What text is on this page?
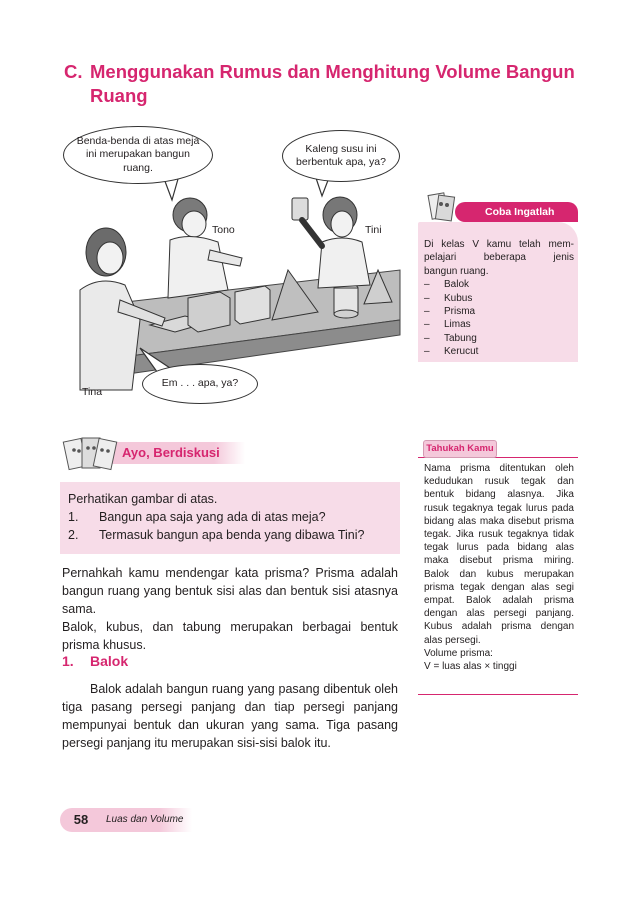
C. Menggunakan Rumus dan Menghitung Volume Bangun Ruang
Benda-benda di atas meja ini merupakan bangun ruang.
Kaleng susu ini berbentuk apa, ya?
Em . . . apa, ya?
Tono	Tini
Tina
Coba Ingatlah
Di kelas V kamu telah mem-
pelajari beberapa jenis
bangun ruang.
– Balok
– Kubus
– Prisma
– Limas
– Tabung
– Kerucut
Ayo, Berdiskusi
Perhatikan gambar di atas.
1. Bangun apa saja yang ada di atas meja?
2. Termasuk bangun apa benda yang dibawa Tini?

Pernahkah kamu mendengar kata prisma? Prisma adalah bangun ruang yang bentuk sisi alas dan bentuk sisi atasnya sama.

Balok, kubus, dan tabung merupakan berbagai bentuk prisma khusus.

1. Balok

Balok adalah bangun ruang yang pasang dibentuk oleh tiga pasang persegi panjang dan tiap persegi panjang mempunyai bentuk dan ukuran yang sama. Tiga pasang persegi panjang itu merupakan sisi-sisi balok itu.

Tahukah Kamu
Nama prisma ditentukan oleh kedudukan rusuk tegak dan bentuk bidang alasnya. Jika rusuk tegaknya tegak lurus pada bidang alas maka disebut prisma tegak. Jika rusuk tegaknya tidak tegak lurus pada bidang alas maka disebut prisma miring. Balok dan kubus merupakan prisma tegak dengan alas segi empat. Balok adalah prisma dengan alas persegi panjang. Kubus adalah prisma dengan alas persegi.
Volume prisma:
V = luas alas × tinggi
58	Luas dan Volume
